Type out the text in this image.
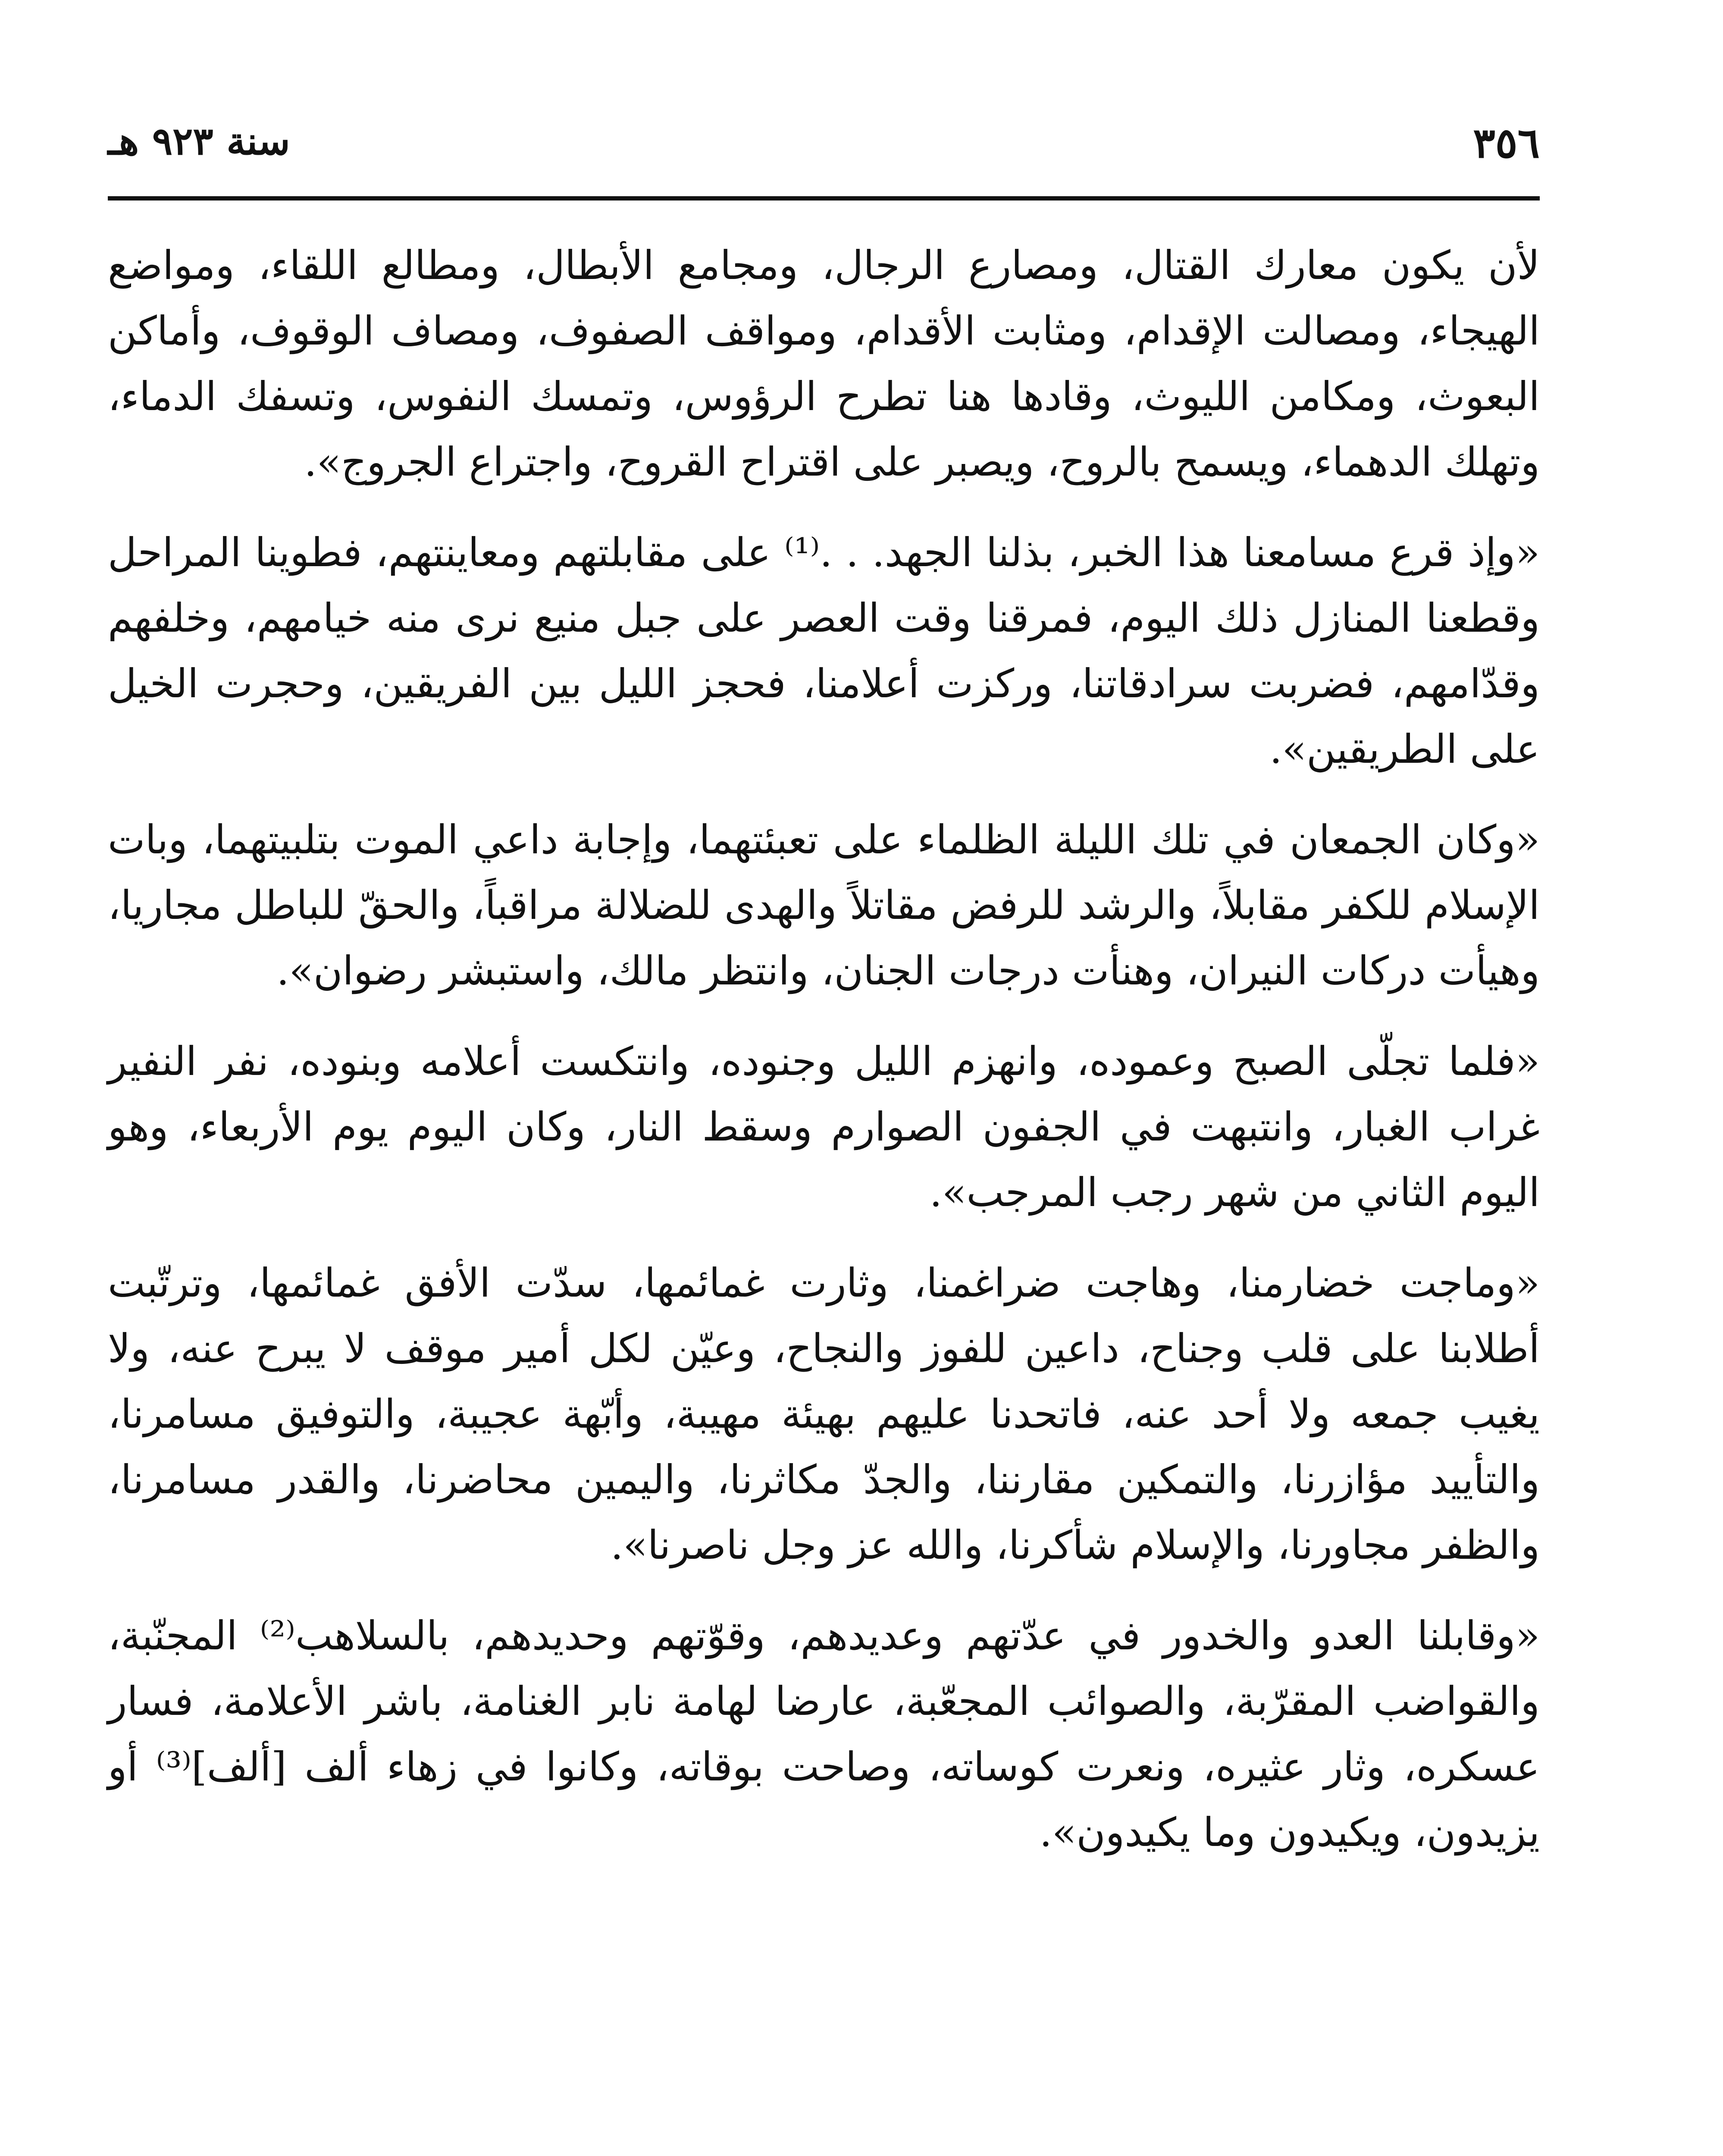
٣٥٦
سنة ٩٢٣ هـ

لأن يكون معارك القتال، ومصارع الرجال، ومجامع الأبطال، ومطالع اللقاء، ومواضع الهيجاء، ومصالت الإقدام، ومثابت الأقدام، ومواقف الصفوف، ومصاف الوقوف، وأماكن البعوث، ومكامن الليوث، وقادها هنا تطرح الرؤوس، وتمسك النفوس، وتسفك الدماء، وتهلك الدهماء، ويسمح بالروح، ويصبر على اقتراح القروح، واجتراع الجروج».

«وإذ قرع مسامعنا هذا الخبر، بذلنا الجهد. . .⁽¹⁾ على مقابلتهم ومعاينتهم، فطوينا المراحل وقطعنا المنازل ذلك اليوم، فمرقنا وقت العصر على جبل منيع نرى منه خيامهم، وخلفهم وقدّامهم، فضربت سرادقاتنا، وركزت أعلامنا، فحجز الليل بين الفريقين، وحجرت الخيل على الطريقين».

«وكان الجمعان في تلك الليلة الظلماء على تعبئتهما، وإجابة داعي الموت بتلبيتهما، وبات الإسلام للكفر مقابلاً، والرشد للرفض مقاتلاً والهدى للضلالة مراقباً، والحقّ للباطل مجاريا، وهيأت دركات النيران، وهنأت درجات الجنان، وانتظر مالك، واستبشر رضوان».

«فلما تجلّى الصبح وعموده، وانهزم الليل وجنوده، وانتكست أعلامه وبنوده، نفر النفير غراب الغبار، وانتبهت في الجفون الصوارم وسقط النار، وكان اليوم يوم الأربعاء، وهو اليوم الثاني من شهر رجب المرجب».

«وماجت خضارمنا، وهاجت ضراغمنا، وثارت غمائمها، سدّت الأفق غمائمها، وترتّبت أطلابنا على قلب وجناح، داعين للفوز والنجاح، وعيّن لكل أمير موقف لا يبرح عنه، ولا يغيب جمعه ولا أحد عنه، فاتحدنا عليهم بهيئة مهيبة، وأبّهة عجيبة، والتوفيق مسامرنا، والتأييد مؤازرنا، والتمكين مقارننا، والجدّ مكاثرنا، واليمين محاضرنا، والقدر مسامرنا، والظفر مجاورنا، والإسلام شأكرنا، والله عز وجل ناصرنا».

«وقابلنا العدو والخدور في عدّتهم وعديدهم، وقوّتهم وحديدهم، بالسلاهب⁽²⁾ المجنّبة، والقواضب المقرّبة، والصوائب المجعّبة، عارضا لهامة نابر الغنامة، باشر الأعلامة، فسار عسكره، وثار عثيره، ونعرت كوساته، وصاحت بوقاته، وكانوا في زهاء ألف [ألف]⁽³⁾ أو يزيدون، ويكيدون وما يكيدون».
